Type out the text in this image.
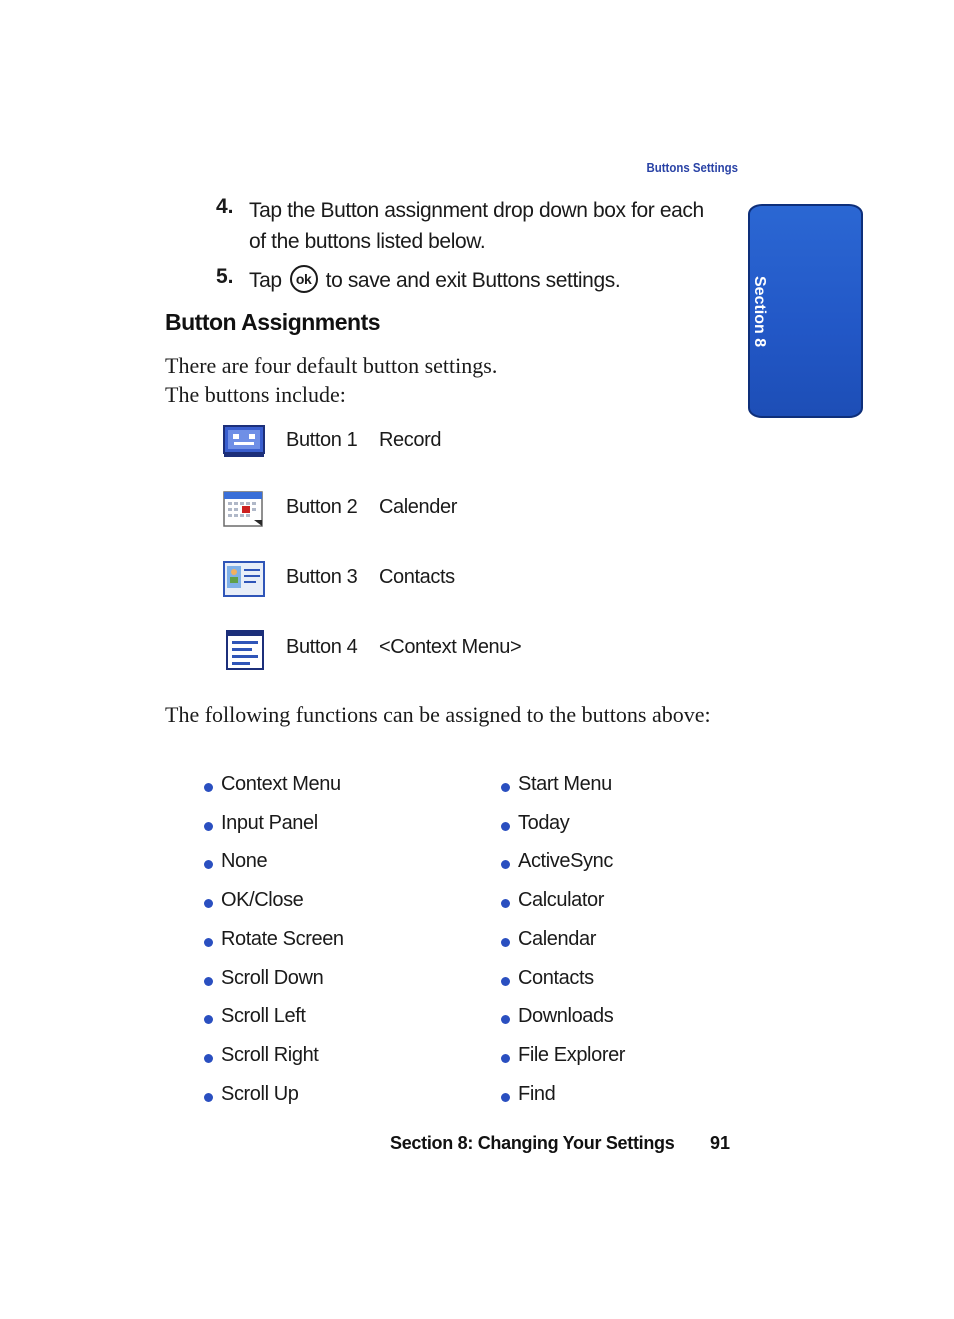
Buttons Settings
Section 8
4. Tap the Button assignment drop down box for each of the buttons listed below.
5. Tap ok to save and exit Buttons settings.
Button Assignments
There are four default button settings.
The buttons include:
Button 1 Record
Button 2 Calender
Button 3 Contacts
Button 4 <Context Menu>
The following functions can be assigned to the buttons above:
Context Menu
Input Panel
None
OK/Close
Rotate Screen
Scroll Down
Scroll Left
Scroll Right
Scroll Up
Start Menu
Today
ActiveSync
Calculator
Calendar
Contacts
Downloads
File Explorer
Find
Section 8: Changing Your Settings 91
